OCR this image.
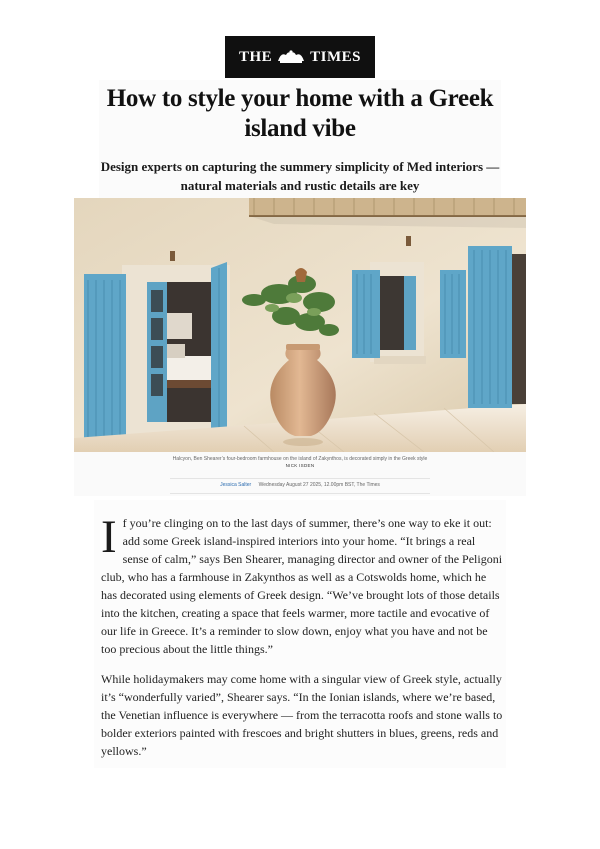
THE	TIMES
How to style your home with a Greek island vibe

Design experts on capturing the summery simplicity of Med interiors — natural materials and rustic details are key

Halcyon, Ben Shearer’s four-bedroom farmhouse on the island of Zakynthos, is decorated simply in the Greek style
NICK ISDEN
Jessica Salter Wednesday August 27 2025, 12.00pm BST, The Times

If you’re clinging on to the last days of summer, there’s one way to eke it out: add some Greek island-inspired interiors into your home. “It brings a real sense of calm,” says Ben Shearer, managing director and owner of the Peligoni club, who has a farmhouse in Zakynthos as well as a Cotswolds home, which he has decorated using elements of Greek design. “We’ve brought lots of those details into the kitchen, creating a space that feels warmer, more tactile and evocative of our life in Greece. It’s a reminder to slow down, enjoy what you have and not be too precious about the little things.”

While holidaymakers may come home with a singular view of Greek style, actually it’s “wonderfully varied”, Shearer says. “In the Ionian islands, where we’re based, the Venetian influence is everywhere — from the terracotta roofs and stone walls to bolder exteriors painted with frescoes and bright shutters in blues, greens, reds and yellows.”
